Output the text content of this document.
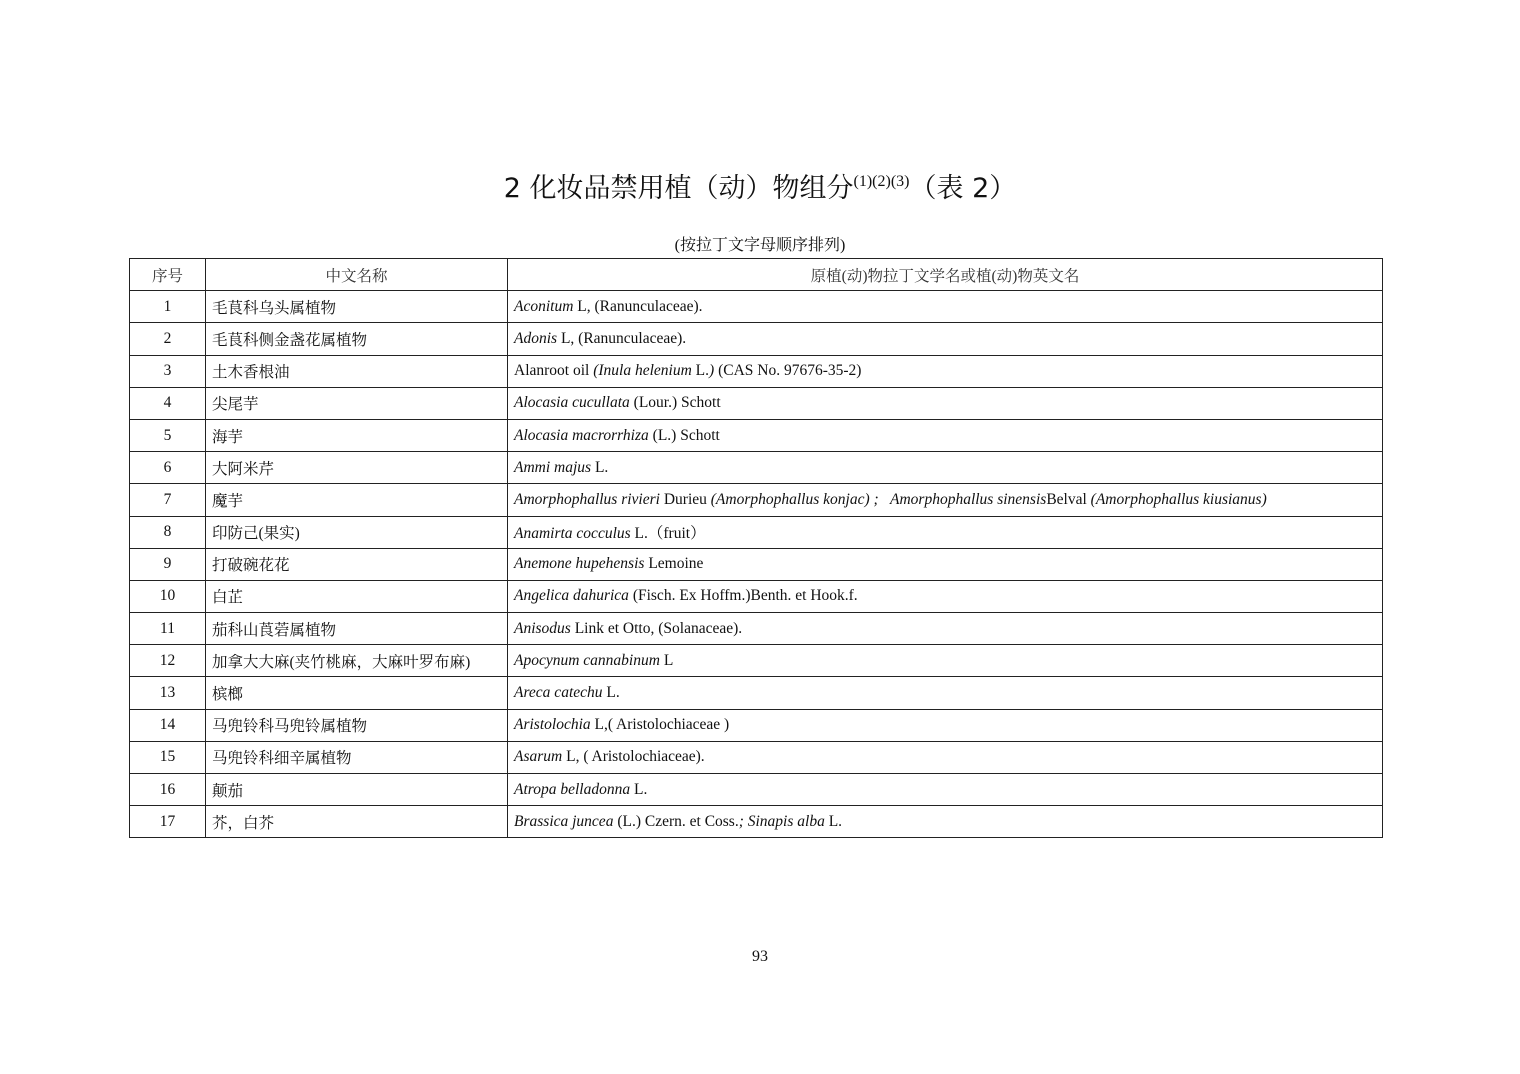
2 化妆品禁用植（动）物组分$^{(1)(2)(3)}$（表 2）
(按拉丁文字母顺序排列)
序号	中文名称	原植(动)物拉丁文学名或植(动)物英文名
1	毛茛科乌头属植物	Aconitum L, (Ranunculaceae).
2	毛茛科侧金盏花属植物	Adonis L, (Ranunculaceae).
3	土木香根油	Alanroot oil (Inula helenium L.) (CAS No. 97676-35-2)
4	尖尾芋	Alocasia cucullata (Lour.) Schott
5	海芋	Alocasia macrorrhiza (L.) Schott
6	大阿米芹	Ammi majus L.
7	魔芋	Amorphophallus rivieri Durieu (Amorphophallus konjac) ;   Amorphophallus sinensisBelval (Amorphophallus kiusianus)
8	印防己(果实)	Anamirta cocculus L.（fruit）
9	打破碗花花	Anemone hupehensis Lemoine
10	白芷	Angelica dahurica (Fisch. Ex Hoffm.)Benth. et Hook.f.
11	茄科山莨菪属植物	Anisodus Link et Otto, (Solanaceae).
12	加拿大大麻(夹竹桃麻，大麻叶罗布麻)	Apocynum cannabinum L
13	槟榔	Areca catechu L.
14	马兜铃科马兜铃属植物	Aristolochia L,( Aristolochiaceae )
15	马兜铃科细辛属植物	Asarum L, ( Aristolochiaceae).
16	颠茄	Atropa belladonna L.
17	芥，白芥	Brassica juncea (L.) Czern. et Coss.; Sinapis alba L.
93
